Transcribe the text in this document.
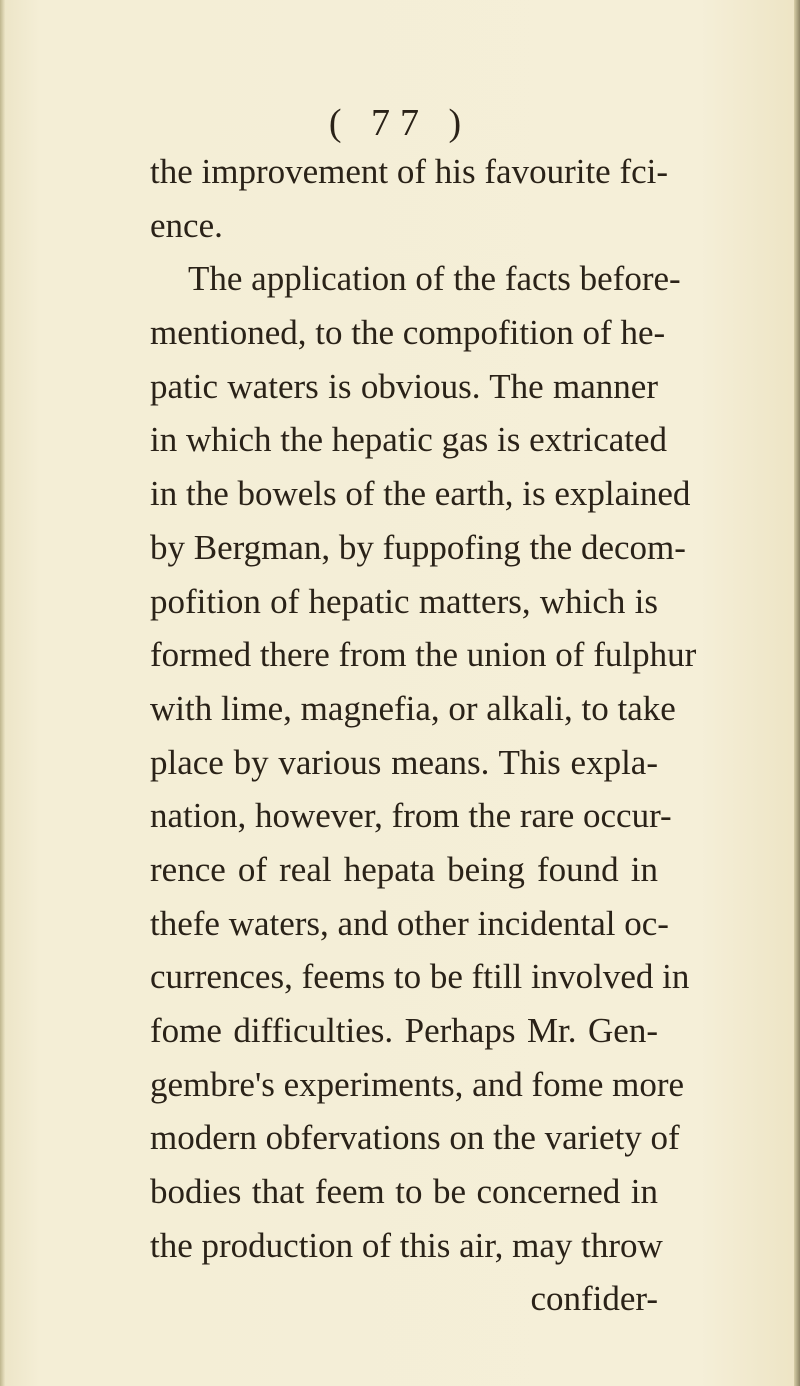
( 77 )
the improvement of his favourite fci-
ence.
The application of the facts before-
mentioned, to the compofition of he-
patic waters is obvious. The manner
in which the hepatic gas is extricated
in the bowels of the earth, is explained
by Bergman, by fuppofing the decom-
pofition of hepatic matters, which is
formed there from the union of fulphur
with lime, magnefia, or alkali, to take
place by various means. This expla-
nation, however, from the rare occur-
rence of real hepata being found in
thefe waters, and other incidental oc-
currences, feems to be ftill involved in
fome difficulties. Perhaps Mr. Gen-
gembre's experiments, and fome more
modern obfervations on the variety of
bodies that feem to be concerned in
the production of this air, may throw
confider-
